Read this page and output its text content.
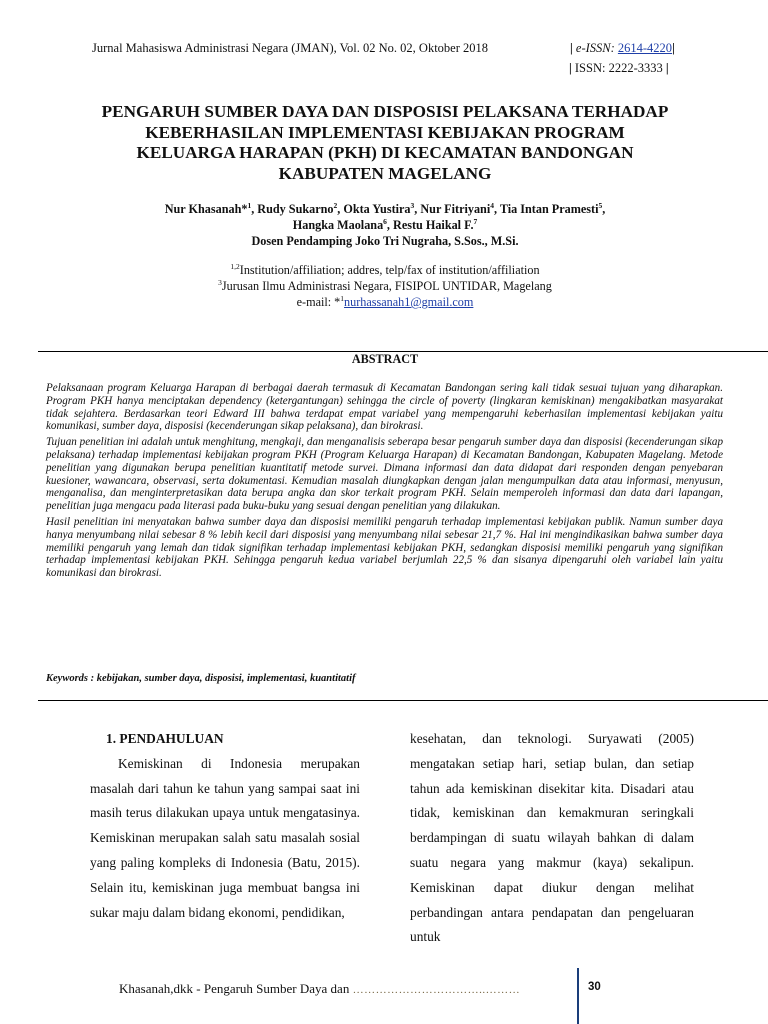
Jurnal Mahasiswa Administrasi Negara (JMAN), Vol. 02 No. 02, Oktober 2018	| e-ISSN: 2614-4220|
| ISSN: 2222-3333 |
PENGARUH SUMBER DAYA DAN DISPOSISI PELAKSANA TERHADAP
KEBERHASILAN IMPLEMENTASI KEBIJAKAN PROGRAM
KELUARGA HARAPAN (PKH) DI KECAMATAN BANDONGAN
KABUPATEN MAGELANG
Nur Khasanah*$^1$, Rudy Sukarno$^2$, Okta Yustira$^3$, Nur Fitriyani$^4$, Tia Intan Pramesti$^5$,
Hangka Maolana$^6$, Restu Haikal F.$^7$
Dosen Pendamping Joko Tri Nugraha, S.Sos., M.Si.
$^{1,2}$Institution/affiliation; addres, telp/fax of institution/affiliation
$^3$Jurusan Ilmu Administrasi Negara, FISIPOL UNTIDAR, Magelang
e-mail: *$^1$nurhassanah1@gmail.com
ABSTRACT

Pelaksanaan program Keluarga Harapan di berbagai daerah termasuk di Kecamatan Bandongan sering kali tidak sesuai tujuan yang diharapkan. Program PKH hanya menciptakan dependency (ketergantungan) sehingga the circle of poverty (lingkaran kemiskinan) mengakibatkan masyarakat tidak sejahtera. Berdasarkan teori Edward III bahwa terdapat empat variabel yang mempengaruhi keberhasilan implementasi kebijakan yaitu komunikasi, sumber daya, disposisi (kecenderungan sikap pelaksana), dan birokrasi.

Tujuan penelitian ini adalah untuk menghitung, mengkaji, dan menganalisis seberapa besar pengaruh sumber daya dan disposisi (kecenderungan sikap pelaksana) terhadap implementasi kebijakan program PKH (Program Keluarga Harapan) di Kecamatan Bandongan, Kabupaten Magelang. Metode penelitian yang digunakan berupa penelitian kuantitatif metode survei. Dimana informasi dan data didapat dari responden dengan penyebaran kuesioner, wawancara, observasi, serta dokumentasi. Kemudian masalah diungkapkan dengan jalan mengumpulkan data atau informasi, menyusun, menganalisa, dan menginterpretasikan data berupa angka dan skor terkait program PKH. Selain memperoleh informasi dan data dari lapangan, penelitian juga mengacu pada literasi pada buku-buku yang sesuai dengan penelitian yang dilakukan.

Hasil penelitian ini menyatakan bahwa sumber daya dan disposisi memiliki pengaruh terhadap implementasi kebijakan publik. Namun sumber daya hanya menyumbang nilai sebesar 8 % lebih kecil dari disposisi yang menyumbang nilai sebesar 21,7 %. Hal ini mengindikasikan bahwa sumber daya memiliki pengaruh yang lemah dan tidak signifikan terhadap implementasi kebijakan PKH, sedangkan disposisi memiliki pengaruh yang signifikan terhadap implementasi kebijakan PKH. Sehingga pengaruh kedua variabel berjumlah 22,5 % dan sisanya dipengaruhi oleh variabel lain yaitu komunikasi dan birokrasi.

Keywords : kebijakan, sumber daya, disposisi, implementasi, kuantitatif

1. PENDAHULUAN

Kemiskinan di Indonesia merupakan masalah dari tahun ke tahun yang sampai saat ini masih terus dilakukan upaya untuk mengatasinya. Kemiskinan merupakan salah satu masalah sosial yang paling kompleks di Indonesia (Batu, 2015). Selain itu, kemiskinan juga membuat bangsa ini sukar maju dalam bidang ekonomi, pendidikan,

kesehatan, dan teknologi. Suryawati (2005) mengatakan setiap hari, setiap bulan, dan setiap tahun ada kemiskinan disekitar kita. Disadari atau tidak, kemiskinan dan kemakmuran seringkali berdampingan di suatu wilayah bahkan di dalam suatu negara yang makmur (kaya) sekalipun. Kemiskinan dapat diukur dengan melihat perbandingan antara pendapatan dan pengeluaran untuk

Khasanah,dkk - Pengaruh Sumber Daya dan ……………………………..………	30
